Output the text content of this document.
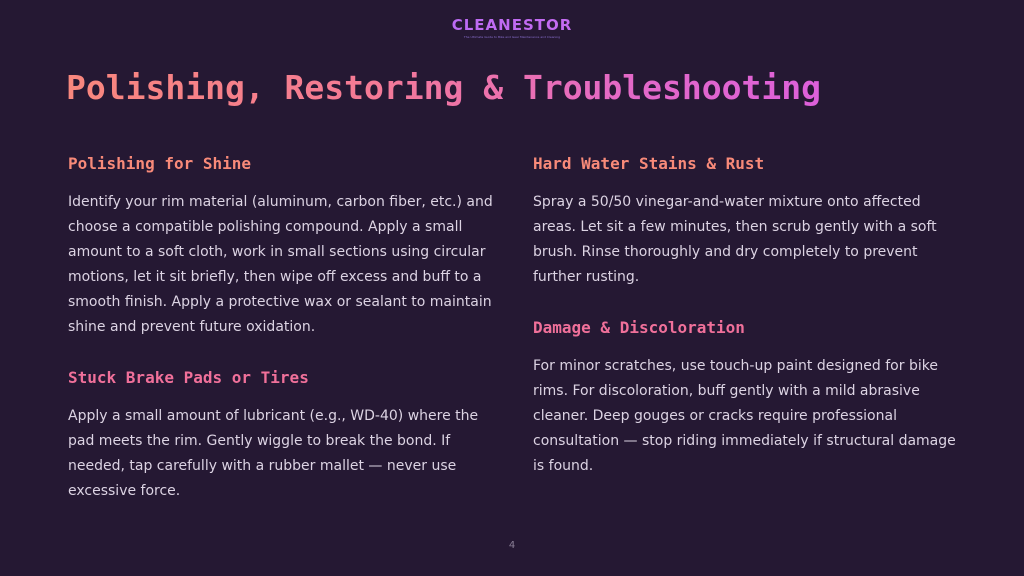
CLEANESTOR
The Ultimate Guide to Bike and Gear Maintenance and Cleaning
Polishing, Restoring & Troubleshooting
Polishing for Shine

Identify your rim material (aluminum, carbon fiber, etc.) and choose a compatible polishing compound. Apply a small amount to a soft cloth, work in small sections using circular motions, let it sit briefly, then wipe off excess and buff to a smooth finish. Apply a protective wax or sealant to maintain shine and prevent future oxidation.

Stuck Brake Pads or Tires

Apply a small amount of lubricant (e.g., WD-40) where the pad meets the rim. Gently wiggle to break the bond. If needed, tap carefully with a rubber mallet — never use excessive force.

Hard Water Stains & Rust

Spray a 50/50 vinegar-and-water mixture onto affected areas. Let sit a few minutes, then scrub gently with a soft brush. Rinse thoroughly and dry completely to prevent further rusting.

Damage & Discoloration

For minor scratches, use touch-up paint designed for bike rims. For discoloration, buff gently with a mild abrasive cleaner. Deep gouges or cracks require professional consultation — stop riding immediately if structural damage is found.

4
